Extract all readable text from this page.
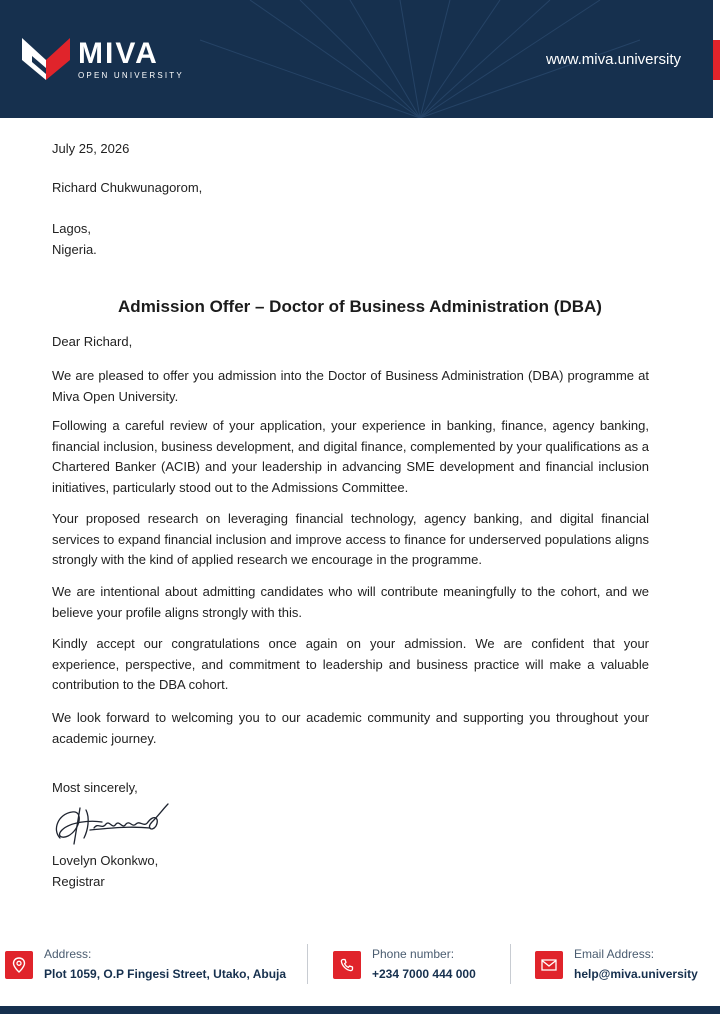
MIVA
OPEN UNIVERSITY
www.miva.university
July 25, 2026
Richard Chukwunagorom,
Lagos,
Nigeria.
Admission Offer – Doctor of Business Administration (DBA)
Dear Richard,
We are pleased to offer you admission into the Doctor of Business Administration (DBA) programme at Miva Open University.
Following a careful review of your application, your experience in banking, finance, agency banking, financial inclusion, business development, and digital finance, complemented by your qualifications as a Chartered Banker (ACIB) and your leadership in advancing SME development and financial inclusion initiatives, particularly stood out to the Admissions Committee.
Your proposed research on leveraging financial technology, agency banking, and digital financial services to expand financial inclusion and improve access to finance for underserved populations aligns strongly with the kind of applied research we encourage in the programme.
We are intentional about admitting candidates who will contribute meaningfully to the cohort, and we believe your profile aligns strongly with this.
Kindly accept our congratulations once again on your admission. We are confident that your experience, perspective, and commitment to leadership and business practice will make a valuable contribution to the DBA cohort.
We look forward to welcoming you to our academic community and supporting you throughout your academic journey.
Most sincerely,
Lovelyn Okonkwo,
Registrar
Address:
Plot 1059, O.P Fingesi Street, Utako, Abuja
Phone number:
+234 7000 444 000
Email Address:
help@miva.university
